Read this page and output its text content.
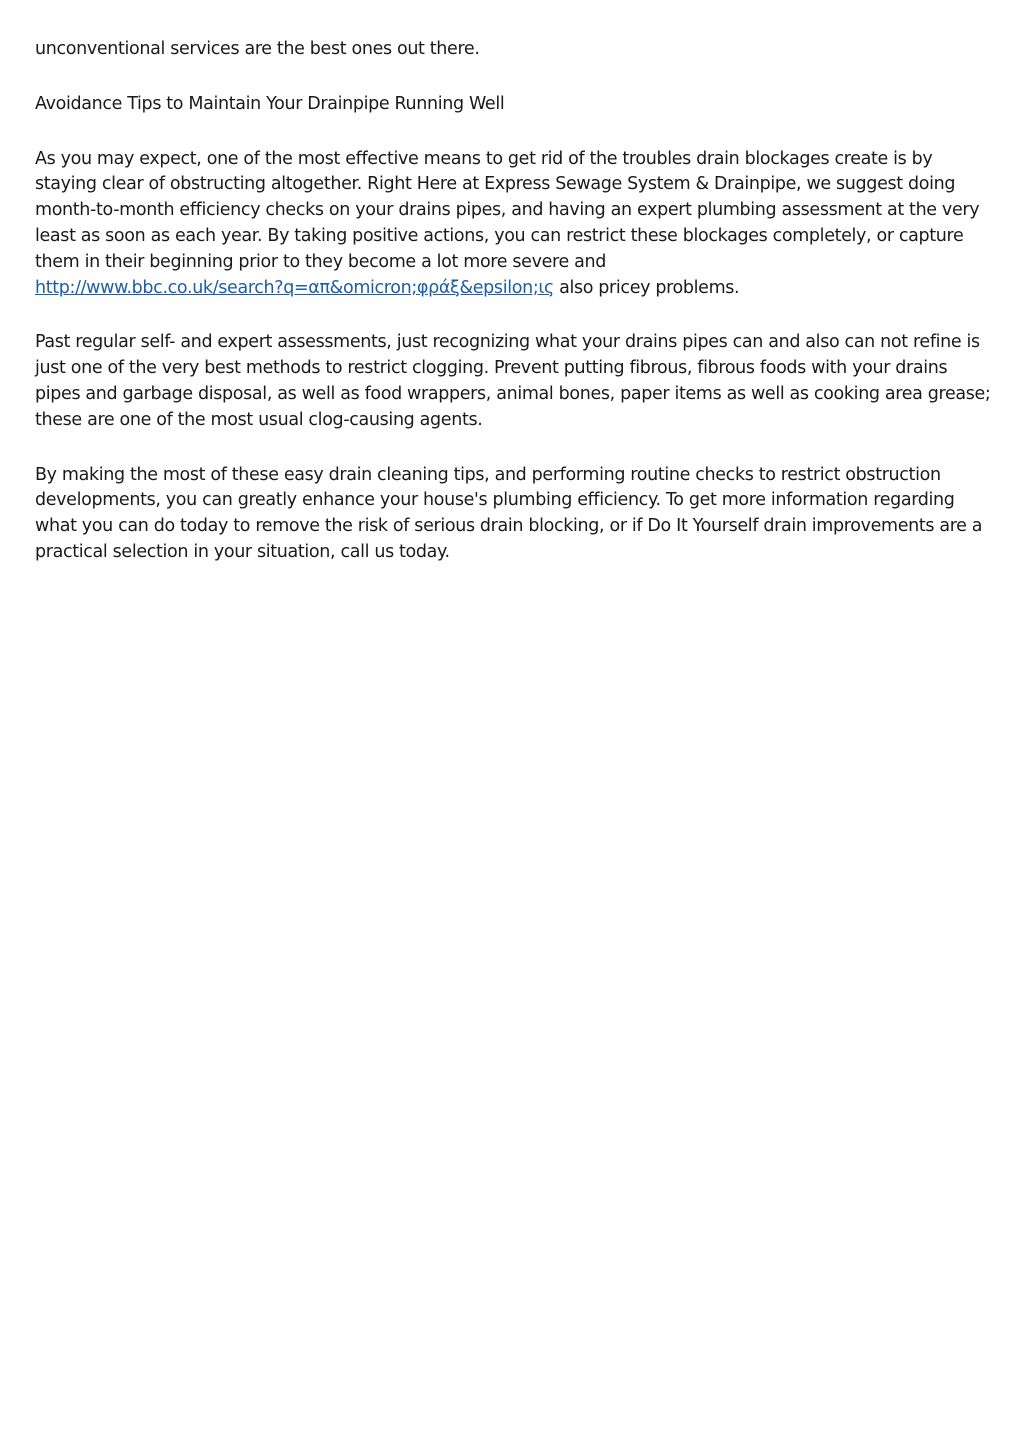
unconventional services are the best ones out there.

Avoidance Tips to Maintain Your Drainpipe Running Well

As you may expect, one of the most effective means to get rid of the troubles drain blockages create is by staying clear of obstructing altogether. Right Here at Express Sewage System & Drainpipe, we suggest doing month-to-month efficiency checks on your drains pipes, and having an expert plumbing assessment at the very least as soon as each year. By taking positive actions, you can restrict these blockages completely, or capture them in their beginning prior to they become a lot more severe and
http://www.bbc.co.uk/search?q=απ&omicron;φράξ&epsilon;ις also pricey problems.

Past regular self- and expert assessments, just recognizing what your drains pipes can and also can not refine is just one of the very best methods to restrict clogging. Prevent putting fibrous, fibrous foods with your drains pipes and garbage disposal, as well as food wrappers, animal bones, paper items as well as cooking area grease; these are one of the most usual clog-causing agents.

By making the most of these easy drain cleaning tips, and performing routine checks to restrict obstruction developments, you can greatly enhance your house's plumbing efficiency. To get more information regarding what you can do today to remove the risk of serious drain blocking, or if Do It Yourself drain improvements are a practical selection in your situation, call us today.
